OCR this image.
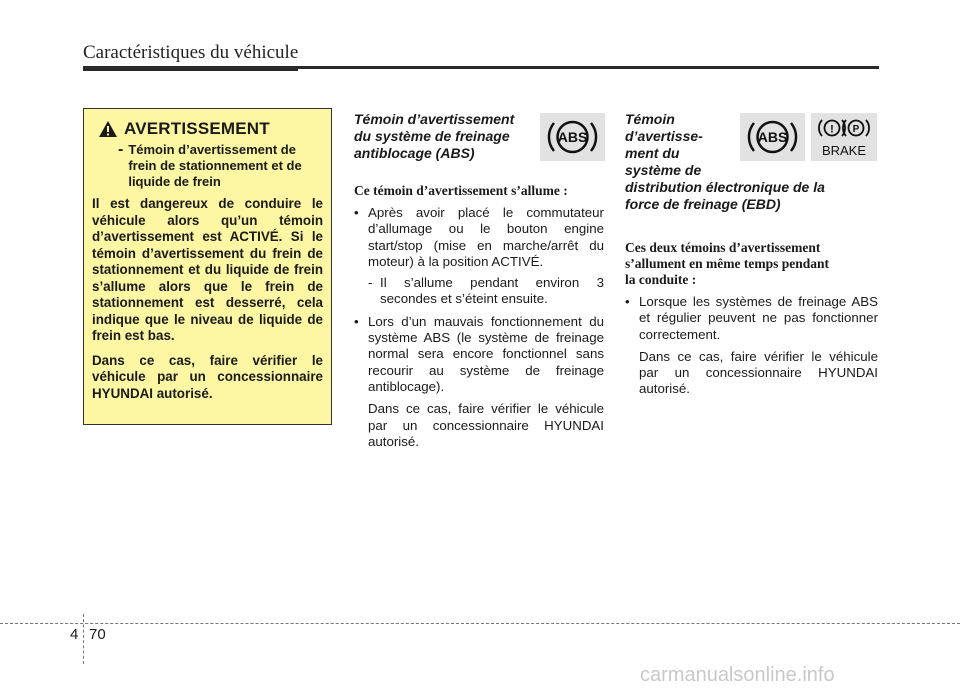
Caractéristiques du véhicule
AVERTISSEMENT
- Témoin d’avertissement de frein de stationnement et de liquide de frein
Il est dangereux de conduire le véhicule alors qu’un témoin d’avertissement est ACTIVÉ. Si le témoin d’avertissement du frein de stationnement et du liquide de frein s’allume alors que le frein de stationnement est desserré, cela indique que le niveau de liquide de frein est bas.
Dans ce cas, faire vérifier le véhicule par un concessionnaire HYUNDAI autorisé.
Témoin d’avertissement du système de freinage antiblocage (ABS)
Ce témoin d’avertissement s’allume :
• Après avoir placé le commutateur d’allumage ou le bouton engine start/stop (mise en marche/arrêt du moteur) à la position ACTIVÉ.
- Il s’allume pendant environ 3 secondes et s’éteint ensuite.
• Lors d’un mauvais fonctionnement du système ABS (le système de freinage normal sera encore fonctionnel sans recourir au système de freinage antiblocage).
Dans ce cas, faire vérifier le véhicule par un concessionnaire HYUNDAI autorisé.
ABS
Témoin
d’avertisse-
ment du
système de
distribution électronique de la
force de freinage (EBD)
Ces deux témoins d’avertissement
s’allument en même temps pendant
la conduite :
• Lorsque les systèmes de freinage ABS et régulier peuvent ne pas fonctionner correctement.
Dans ce cas, faire vérifier le véhicule par un concessionnaire HYUNDAI autorisé.
ABS	! P
BRAKE
4 70
carmanualsonline.info
